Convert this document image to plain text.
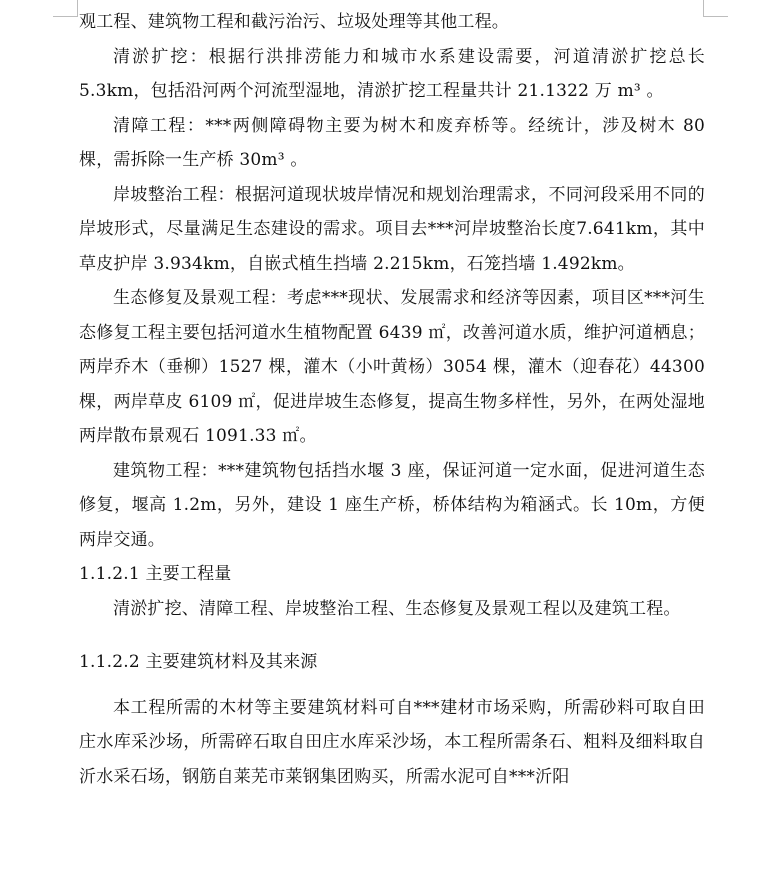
观工程、建筑物工程和截污治污、垃圾处理等其他工程。

清淤扩挖：根据行洪排涝能力和城市水系建设需要，河道清淤扩挖总长5.3km，包括沿河两个河流型湿地，清淤扩挖工程量共计 21.1322 万 m³ 。

清障工程：***两侧障碍物主要为树木和废弃桥等。经统计，涉及树木 80 棵，需拆除一生产桥 30m³ 。

岸坡整治工程：根据河道现状坡岸情况和规划治理需求，不同河段采用不同的岸坡形式，尽量满足生态建设的需求。项目去***河岸坡整治长度7.641km，其中草皮护岸 3.934km，自嵌式植生挡墙 2.215km，石笼挡墙 1.492km。

生态修复及景观工程：考虑***现状、发展需求和经济等因素，项目区***河生态修复工程主要包括河道水生植物配置 6439 ㎡，改善河道水质，维护河道栖息；两岸乔木（垂柳）1527 棵，灌木（小叶黄杨）3054 棵，灌木（迎春花）44300 棵，两岸草皮 6109 ㎡，促进岸坡生态修复，提高生物多样性，另外，在两处湿地两岸散布景观石 1091.33 ㎡。

建筑物工程：***建筑物包括挡水堰 3 座，保证河道一定水面，促进河道生态修复，堰高 1.2m，另外，建设 1 座生产桥，桥体结构为箱涵式。长 10m，方便两岸交通。

1.1.2.1 主要工程量

清淤扩挖、清障工程、岸坡整治工程、生态修复及景观工程以及建筑工程。

1.1.2.2 主要建筑材料及其来源

本工程所需的木材等主要建筑材料可自***建材市场采购，所需砂料可取自田庄水库采沙场，所需碎石取自田庄水库采沙场，本工程所需条石、粗料及细料取自沂水采石场，钢筋自莱芜市莱钢集团购买，所需水泥可自***沂阳
